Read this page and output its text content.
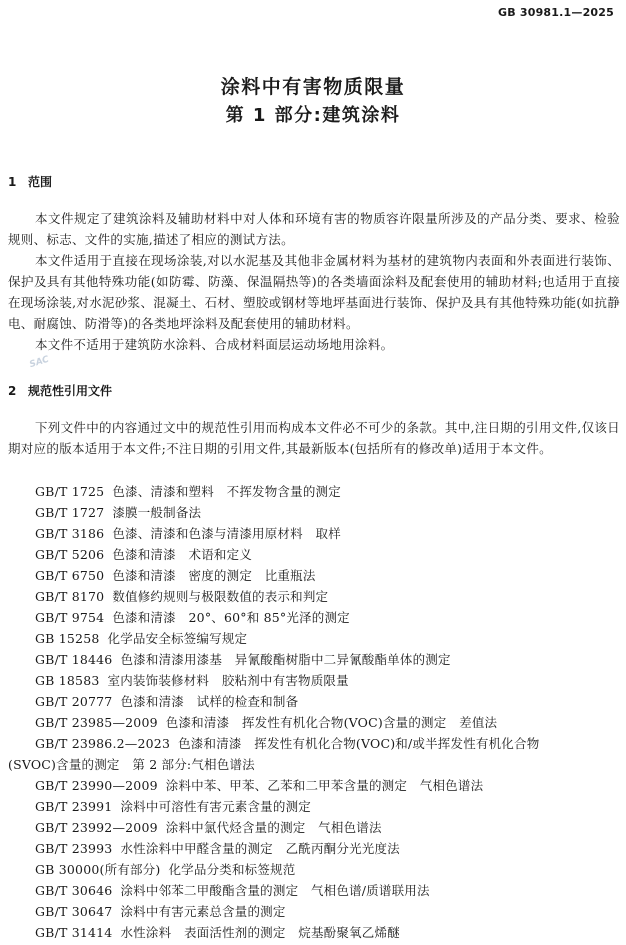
GB 30981.1—2025
涂料中有害物质限量
第 1 部分:建筑涂料
1 范围

本文件规定了建筑涂料及辅助材料中对人体和环境有害的物质容许限量所涉及的产品分类、要求、检验规则、标志、文件的实施,描述了相应的测试方法。

本文件适用于直接在现场涂装,对以水泥基及其他非金属材料为基材的建筑物内表面和外表面进行装饰、保护及具有其他特殊功能(如防霉、防藻、保温隔热等)的各类墙面涂料及配套使用的辅助材料;也适用于直接在现场涂装,对水泥砂浆、混凝土、石材、塑胶或钢材等地坪基面进行装饰、保护及具有其他特殊功能(如抗静电、耐腐蚀、防滑等)的各类地坪涂料及配套使用的辅助材料。

本文件不适用于建筑防水涂料、合成材料面层运动场地用涂料。

SAC
2 规范性引用文件

下列文件中的内容通过文中的规范性引用而构成本文件必不可少的条款。其中,注日期的引用文件,仅该日期对应的版本适用于本文件;不注日期的引用文件,其最新版本(包括所有的修改单)适用于本文件。

GB/T 1725 色漆、清漆和塑料　不挥发物含量的测定
GB/T 1727 漆膜一般制备法
GB/T 3186 色漆、清漆和色漆与清漆用原材料　取样
GB/T 5206 色漆和清漆　术语和定义
GB/T 6750 色漆和清漆　密度的测定　比重瓶法
GB/T 8170 数值修约规则与极限数值的表示和判定
GB/T 9754 色漆和清漆　20°、60°和 85°光泽的测定
GB 15258 化学品安全标签编写规定
GB/T 18446 色漆和清漆用漆基　异氰酸酯树脂中二异氰酸酯单体的测定
GB 18583 室内装饰装修材料　胶粘剂中有害物质限量
GB/T 20777 色漆和清漆　试样的检查和制备
GB/T 23985—2009 色漆和清漆　挥发性有机化合物(VOC)含量的测定　差值法
GB/T 23986.2—2023 色漆和清漆　挥发性有机化合物(VOC)和/或半挥发性有机化合物
(SVOC)含量的测定　第 2 部分:气相色谱法
GB/T 23990—2009 涂料中苯、甲苯、乙苯和二甲苯含量的测定　气相色谱法
GB/T 23991 涂料中可溶性有害元素含量的测定
GB/T 23992—2009 涂料中氯代烃含量的测定　气相色谱法
GB/T 23993 水性涂料中甲醛含量的测定　乙酰丙酮分光光度法
GB 30000(所有部分) 化学品分类和标签规范
GB/T 30646 涂料中邻苯二甲酸酯含量的测定　气相色谱/质谱联用法
GB/T 30647 涂料中有害元素总含量的测定
GB/T 31414 水性涂料　表面活性剂的测定　烷基酚聚氧乙烯醚
